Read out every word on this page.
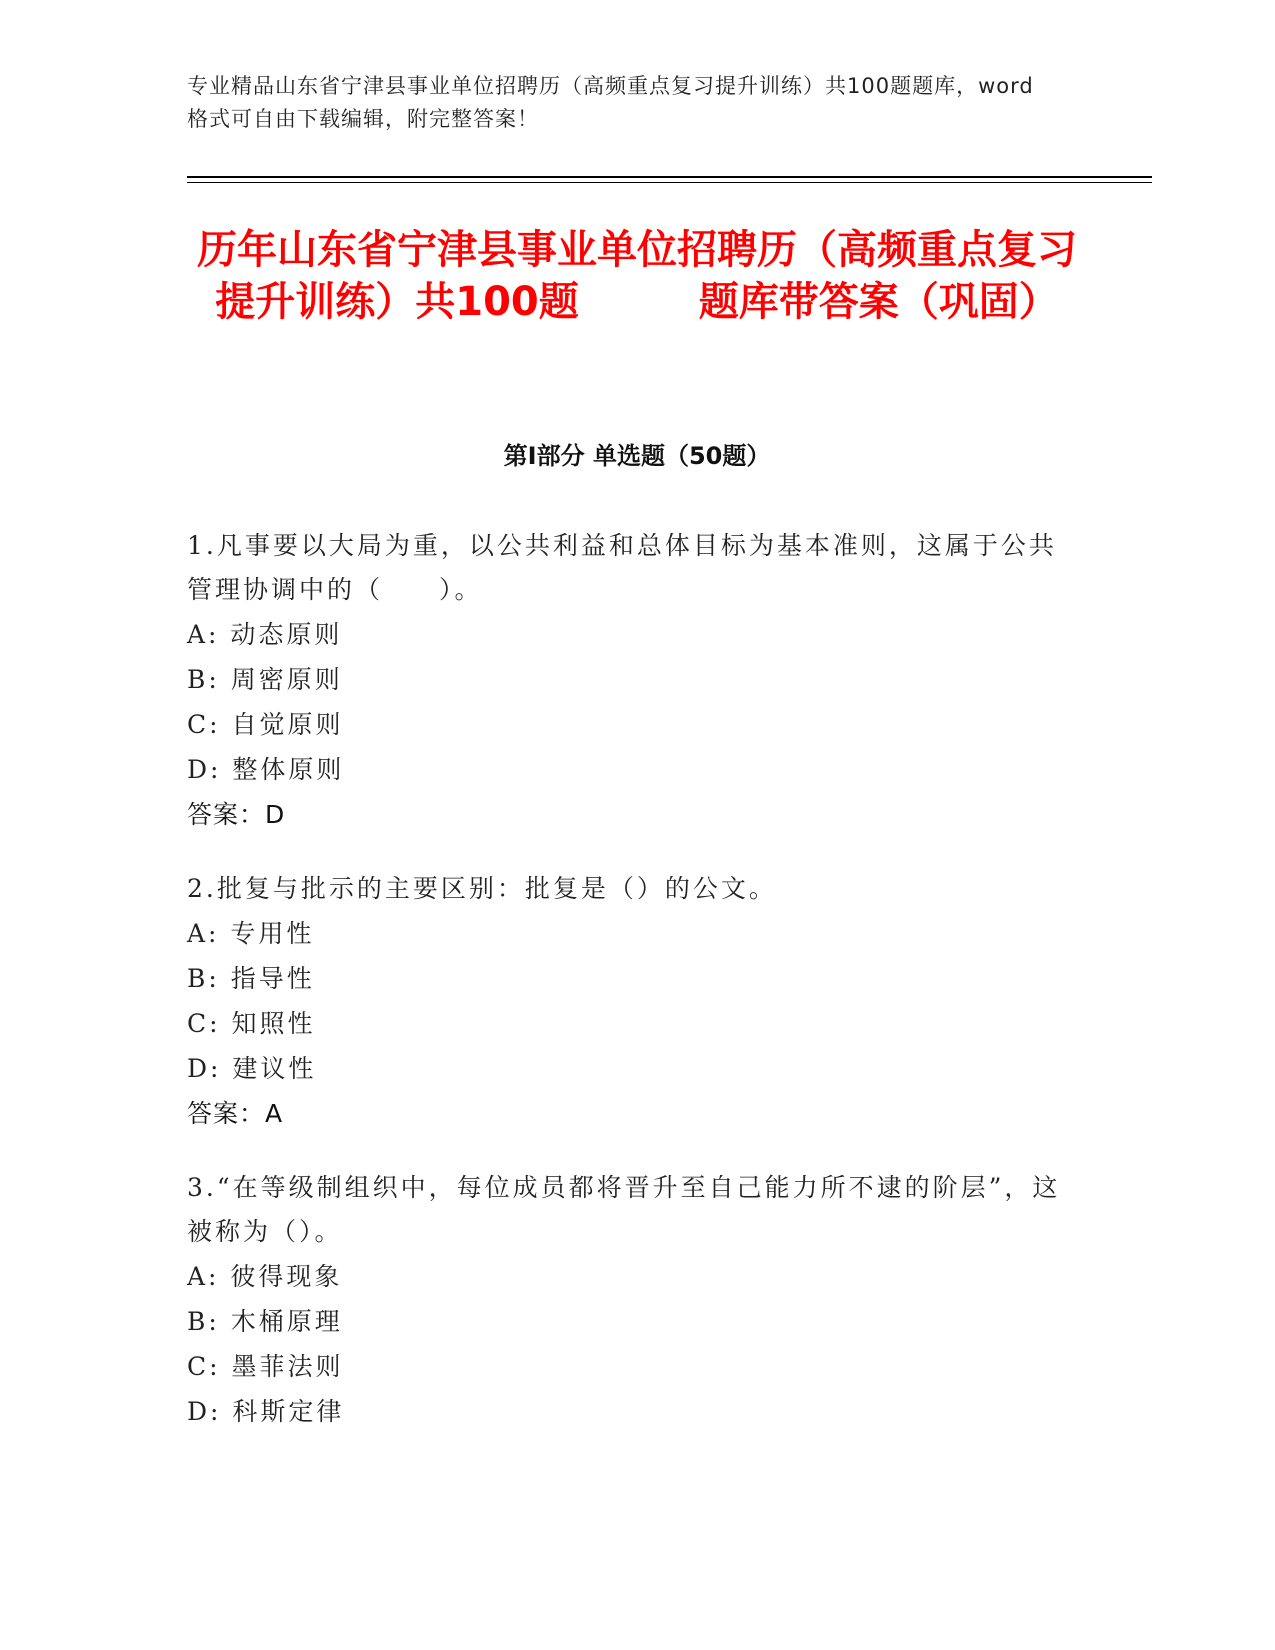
专业精品山东省宁津县事业单位招聘历（高频重点复习提升训练）共100题题库，word格式可自由下载编辑，附完整答案！
历年山东省宁津县事业单位招聘历（高频重点复习提升训练）共100题　　　题库带答案（巩固）
第Ⅰ部分 单选题（50题）
1.凡事要以大局为重，以公共利益和总体目标为基本准则，这属于公共管理协调中的（　　）。
A: 动态原则
B: 周密原则
C: 自觉原则
D: 整体原则
答案：D
2.批复与批示的主要区别：批复是（）的公文。
A: 专用性
B: 指导性
C: 知照性
D: 建议性
答案：A
3.“在等级制组织中，每位成员都将晋升至自己能力所不逮的阶层”，这被称为（）。
A: 彼得现象
B: 木桶原理
C: 墨菲法则
D: 科斯定律
